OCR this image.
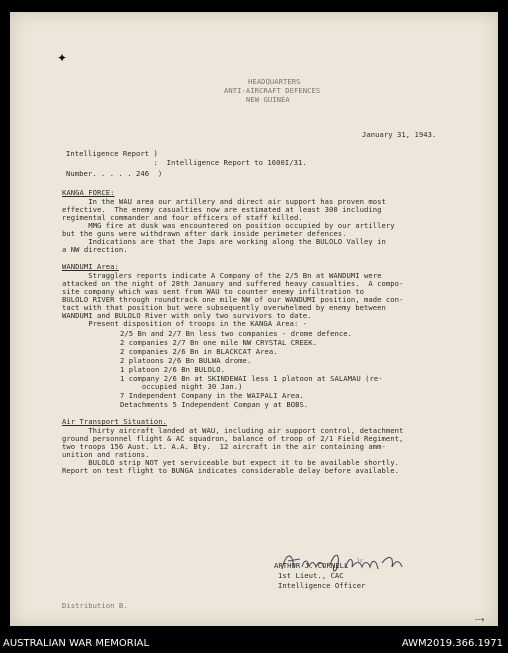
✦
HEADQUARTERS
ANTI-AIRCRAFT DEFENCES
NEW GUINEA
January 31, 1943.
Intelligence Report )
:  Intelligence Report to 1600I/31.
Number. . . . . 246  )
KANGA FORCE:
In the WAU area our artillery and direct air support has proven most
effective.  The enemy casualties now are estimated at least 300 including
regimental commander and four officers of staff killed.
MMG fire at dusk was encountered on position occupied by our artillery
but the guns were withdrawn after dark inside perimeter defences.
Indications are that the Japs are working along the BULOLO Valley in
a NW direction.
WANDUMI Area:
Stragglers reports indicate A Company of the 2/5 Bn at WANDUMI were
attacked on the night of 28th January and suffered heavy casualties.  A compo-
site company which was sent from WAU to counter enemy infiltration to
BULOLO RIVER through roundtrack one mile NW of our WANDUMI position, made con-
tact with that position but were subsequently overwhelmed by enemy between
WANDUMI and BULOLO River with only two survivors to date.
Present disposition of troops in the KANGA Area: -
2/5 Bn and 2/7 Bn less two companies - drome defence.
2 companies 2/7 Bn one mile NW CRYSTAL CREEK.
2 companies 2/6 Bn in BLACKCAT Area.
2 platoons 2/6 Bn BULWA drome.
1 platoon 2/6 Bn BULOLO.
1 company 2/6 Bn at SKINDEWAI less 1 platoon at SALAMAU (re-
occupied night 30 Jan.)
7 Independent Company in the WAIPALI Area.
Detachments 5 Independent Compan y at BOBS.
Air Transport Situation.
Thirty aircraft landed at WAU, including air support control, detachment
ground personnel flight & AC squadron, balance of troop of 2/1 Field Regiment,
two troops 156 Aust. Lt. A.A. Bty.  12 aircraft in the air containing amm-
unition and rations.
BULOLO strip NOT yet serviceable but expect it to be available shortly.
Report on test flight to BUNGA indicates considerable delay before available.
ARTHUR J. CORNELL Jr.
1st Lieut., CAC
Intelligence Officer
Distribution B.
⤏
AUSTRALIAN WAR MEMORIAL	AWM2019.366.1971
